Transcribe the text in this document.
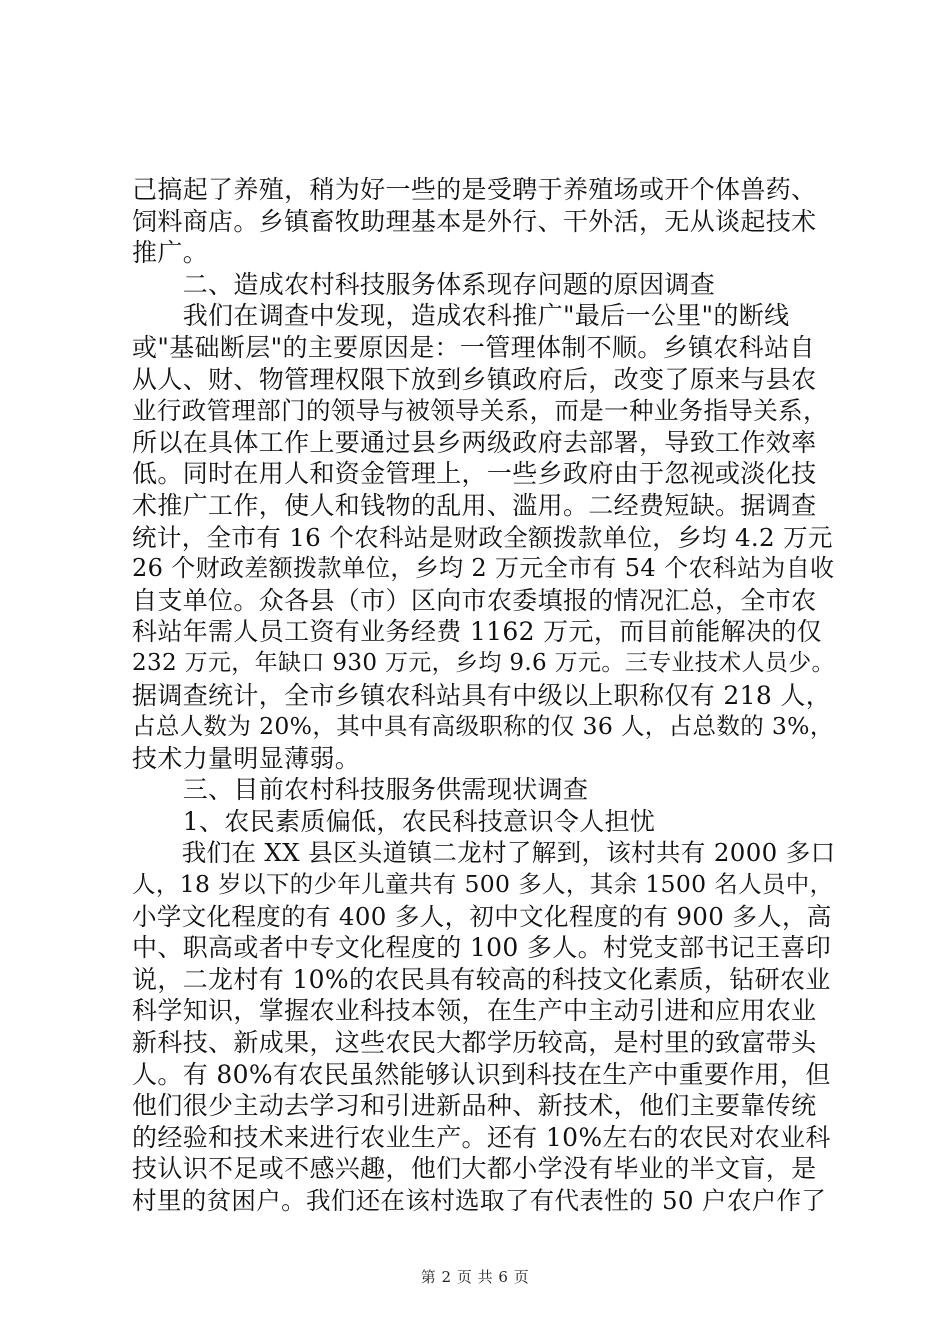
己搞起了养殖，稍为好一些的是受聘于养殖场或开个体兽药、
饲料商店。乡镇畜牧助理基本是外行、干外活，无从谈起技术
推广。
　　二、造成农村科技服务体系现存问题的原因调查
　　我们在调查中发现，造成农科推广"最后一公里"的断线
或"基础断层"的主要原因是：一管理体制不顺。乡镇农科站自
从人、财、物管理权限下放到乡镇政府后，改变了原来与县农
业行政管理部门的领导与被领导关系，而是一种业务指导关系，
所以在具体工作上要通过县乡两级政府去部署，导致工作效率
低。同时在用人和资金管理上，一些乡政府由于忽视或淡化技
术推广工作，使人和钱物的乱用、滥用。二经费短缺。据调查
统计，全市有 16 个农科站是财政全额拨款单位，乡均 4.2 万元
26 个财政差额拨款单位，乡均 2 万元全市有 54 个农科站为自收
自支单位。众各县（市）区向市农委填报的情况汇总，全市农
科站年需人员工资有业务经费 1162 万元，而目前能解决的仅
232 万元，年缺口 930 万元，乡均 9.6 万元。三专业技术人员少。
据调查统计，全市乡镇农科站具有中级以上职称仅有 218 人，
占总人数为 20%，其中具有高级职称的仅 36 人，占总数的 3%，
技术力量明显薄弱。
　　三、目前农村科技服务供需现状调查
　　1、农民素质偏低，农民科技意识令人担忧
　　我们在 XX 县区头道镇二龙村了解到，该村共有 2000 多口
人，18 岁以下的少年儿童共有 500 多人，其余 1500 名人员中，
小学文化程度的有 400 多人，初中文化程度的有 900 多人，高
中、职高或者中专文化程度的 100 多人。村党支部书记王喜印
说，二龙村有 10%的农民具有较高的科技文化素质，钻研农业
科学知识，掌握农业科技本领，在生产中主动引进和应用农业
新科技、新成果，这些农民大都学历较高，是村里的致富带头
人。有 80%有农民虽然能够认识到科技在生产中重要作用，但
他们很少主动去学习和引进新品种、新技术，他们主要靠传统
的经验和技术来进行农业生产。还有 10%左右的农民对农业科
技认识不足或不感兴趣，他们大都小学没有毕业的半文盲，是
村里的贫困户。我们还在该村选取了有代表性的 50 户农户作了
第 2 页 共 6 页
